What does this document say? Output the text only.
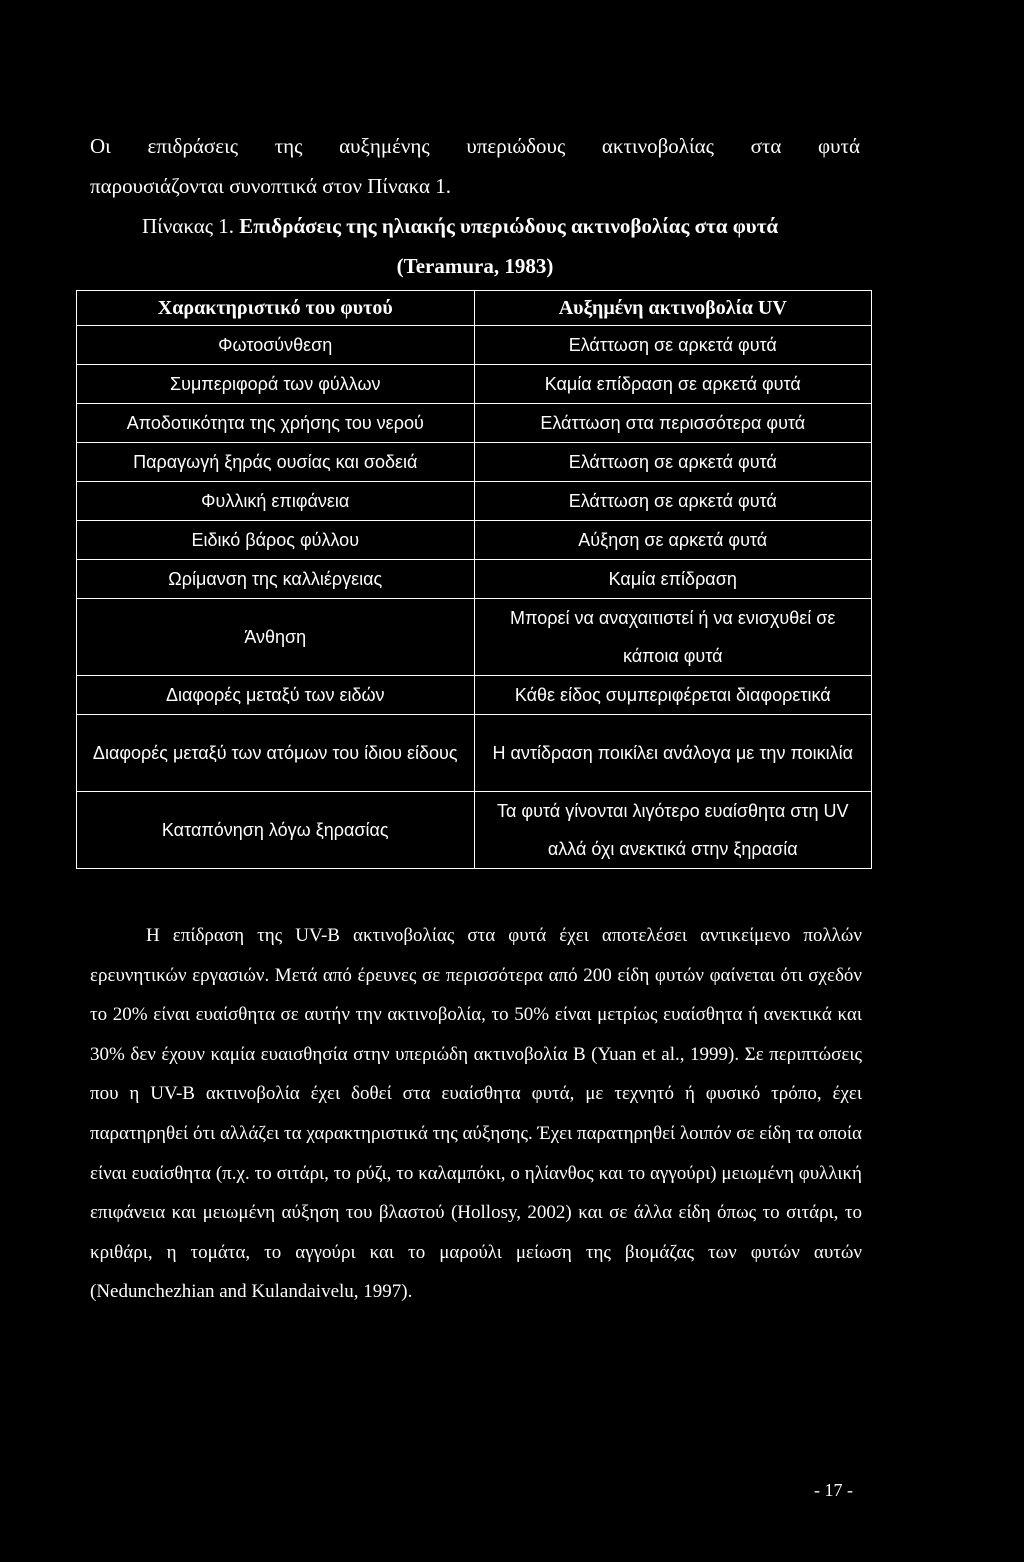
Οι επιδράσεις της αυξημένης υπεριώδους ακτινοβολίας στα φυτά
παρουσιάζονται συνοπτικά στον Πίνακα 1.
Πίνακας 1. Επιδράσεις της ηλιακής υπεριώδους ακτινοβολίας στα φυτά
(Teramura, 1983)
Χαρακτηριστικό του φυτού	Αυξημένη ακτινοβολία UV
Φωτοσύνθεση	Ελάττωση σε αρκετά φυτά
Συμπεριφορά των φύλλων	Καμία επίδραση σε αρκετά φυτά
Αποδοτικότητα της χρήσης του νερού	Ελάττωση στα περισσότερα φυτά
Παραγωγή ξηράς ουσίας και σοδειά	Ελάττωση σε αρκετά φυτά
Φυλλική επιφάνεια	Ελάττωση σε αρκετά φυτά
Ειδικό βάρος φύλλου	Αύξηση σε αρκετά φυτά
Ωρίμανση της καλλιέργειας	Καμία επίδραση
Άνθηση	Μπορεί να αναχαιτιστεί ή να ενισχυθεί σε κάποια φυτά
Διαφορές μεταξύ των ειδών	Κάθε είδος συμπεριφέρεται διαφορετικά
Διαφορές μεταξύ των ατόμων του ίδιου είδους	Η αντίδραση ποικίλει ανάλογα με την ποικιλία
Καταπόνηση λόγω ξηρασίας	Τα φυτά γίνονται λιγότερο ευαίσθητα στη UV αλλά όχι ανεκτικά στην ξηρασία
Η επίδραση της UV-B ακτινοβολίας στα φυτά έχει αποτελέσει αντικείμενο πολλών ερευνητικών εργασιών. Μετά από έρευνες σε περισσότερα από 200 είδη φυτών φαίνεται ότι σχεδόν το 20% είναι ευαίσθητα σε αυτήν την ακτινοβολία, το 50% είναι μετρίως ευαίσθητα ή ανεκτικά και 30% δεν έχουν καμία ευαισθησία στην υπεριώδη ακτινοβολία Β (Yuan et al., 1999). Σε περιπτώσεις που η UV-B ακτινοβολία έχει δοθεί στα ευαίσθητα φυτά, με τεχνητό ή φυσικό τρόπο, έχει παρατηρηθεί ότι αλλάζει τα χαρακτηριστικά της αύξησης. Έχει παρατηρηθεί λοιπόν σε είδη τα οποία είναι ευαίσθητα (π.χ. το σιτάρι, το ρύζι, το καλαμπόκι, ο ηλίανθος και το αγγούρι) μειωμένη φυλλική επιφάνεια και μειωμένη αύξηση του βλαστού (Hollosy, 2002) και σε άλλα είδη όπως το σιτάρι, το κριθάρι, η τομάτα, το αγγούρι και το μαρούλι μείωση της βιομάζας των φυτών αυτών (Nedunchezhian and Kulandaivelu, 1997).
- 17 -
